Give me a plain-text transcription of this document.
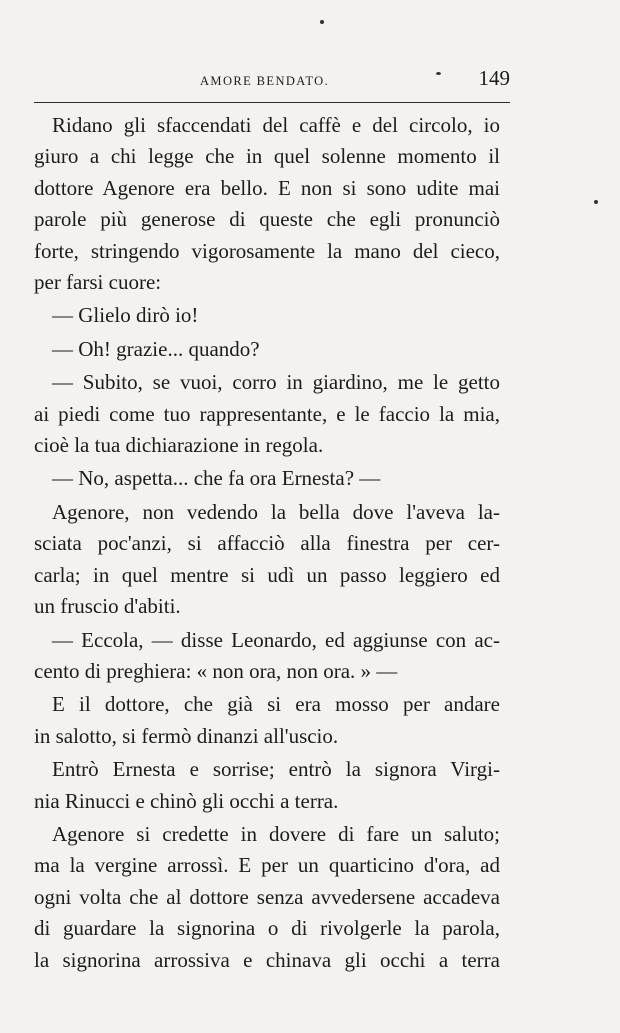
AMORE BENDATO.	149
Ridano gli sfaccendati del caffè e del circolo, io
giuro a chi legge che in quel solenne momento il
dottore Agenore era bello. E non si sono udite mai
parole più generose di queste che egli pronunciò
forte, stringendo vigorosamente la mano del cieco,
per farsi cuore:
— Glielo dirò io!
— Oh! grazie... quando?
— Subito, se vuoi, corro in giardino, me le getto
ai piedi come tuo rappresentante, e le faccio la mia,
cioè la tua dichiarazione in regola.
— No, aspetta... che fa ora Ernesta? —
Agenore, non vedendo la bella dove l'aveva la-
sciata poc'anzi, si affacciò alla finestra per cer-
carla; in quel mentre si udì un passo leggiero ed
un fruscio d'abiti.
— Eccola, — disse Leonardo, ed aggiunse con ac-
cento di preghiera: « non ora, non ora. » —
E il dottore, che già si era mosso per andare
in salotto, si fermò dinanzi all'uscio.
Entrò Ernesta e sorrise; entrò la signora Virgi-
nia Rinucci e chinò gli occhi a terra.
Agenore si credette in dovere di fare un saluto;
ma la vergine arrossì. E per un quarticino d'ora, ad
ogni volta che al dottore senza avvedersene accadeva
di guardare la signorina o di rivolgerle la parola,
la signorina arrossiva e chinava gli occhi a terra
